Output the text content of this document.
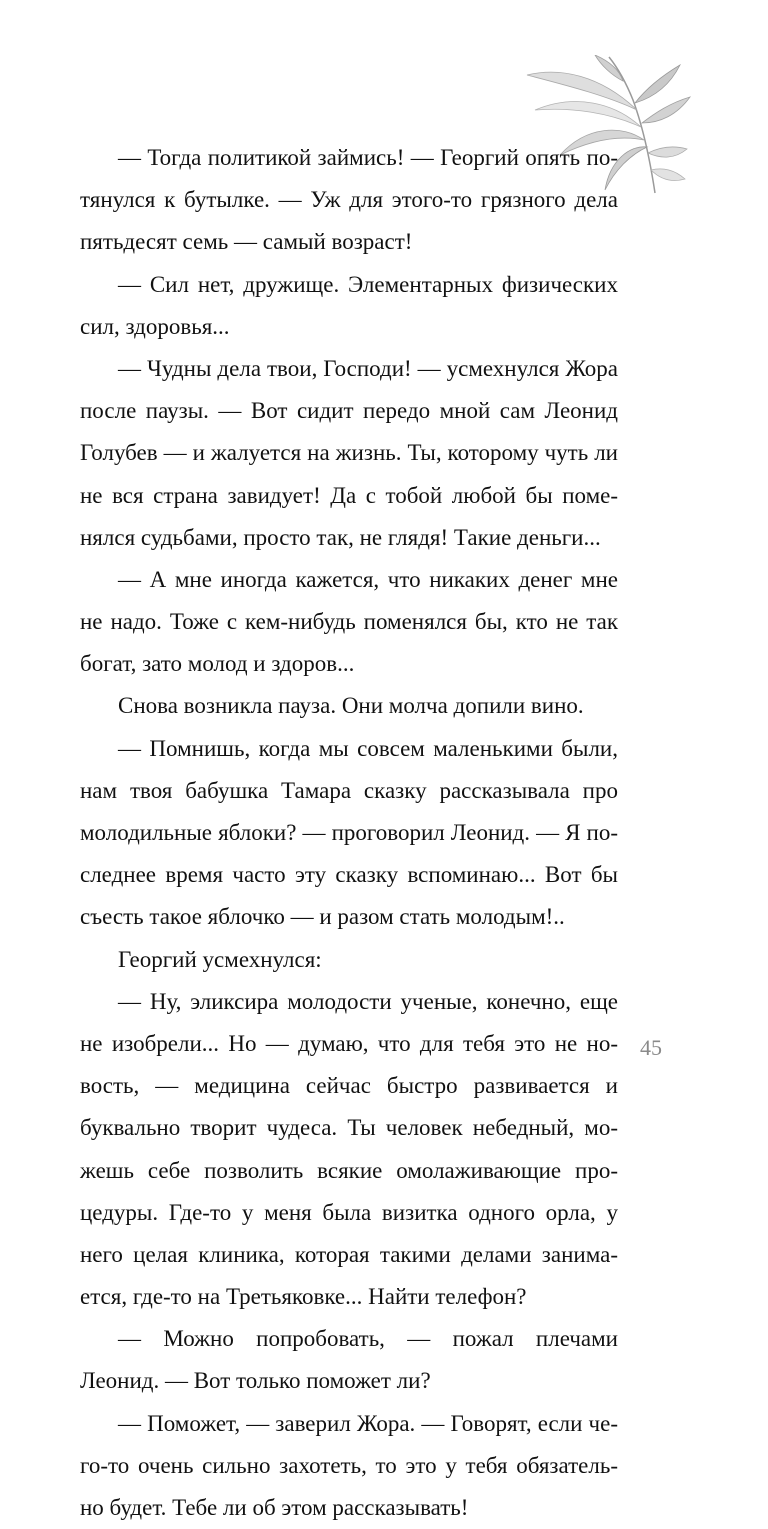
— Тогда политикой займись! — Георгий опять по-
тянулся к бутылке. — Уж для этого-то грязного дела
пятьдесят семь — самый возраст!
— Сил нет, дружище. Элементарных физических
сил, здоровья...
— Чудны дела твои, Господи! — усмехнулся Жора
после паузы. — Вот сидит передо мной сам Леонид
Голубев — и жалуется на жизнь. Ты, которому чуть ли
не вся страна завидует! Да с тобой любой бы поме-
нялся судьбами, просто так, не глядя! Такие деньги...
— А мне иногда кажется, что никаких денег мне
не надо. Тоже с кем-нибудь поменялся бы, кто не так
богат, зато молод и здоров...
Снова возникла пауза. Они молча допили вино.
— Помнишь, когда мы совсем маленькими были,
нам твоя бабушка Тамара сказку рассказывала про
молодильные яблоки? — проговорил Леонид. — Я по-
следнее время часто эту сказку вспоминаю... Вот бы
съесть такое яблочко — и разом стать молодым!..
Георгий усмехнулся:
— Ну, эликсира молодости ученые, конечно, еще
не изобрели... Но — думаю, что для тебя это не но-
вость, — медицина сейчас быстро развивается и
буквально творит чудеса. Ты человек небедный, мо-
жешь себе позволить всякие омолаживающие про-
цедуры. Где-то у меня была визитка одного орла, у
него целая клиника, которая такими делами занима-
ется, где-то на Третьяковке... Найти телефон?
— Можно попробовать, — пожал плечами
Леонид. — Вот только поможет ли?
— Поможет, — заверил Жора. — Говорят, если че-
го-то очень сильно захотеть, то это у тебя обязатель-
но будет. Тебе ли об этом рассказывать!
45
